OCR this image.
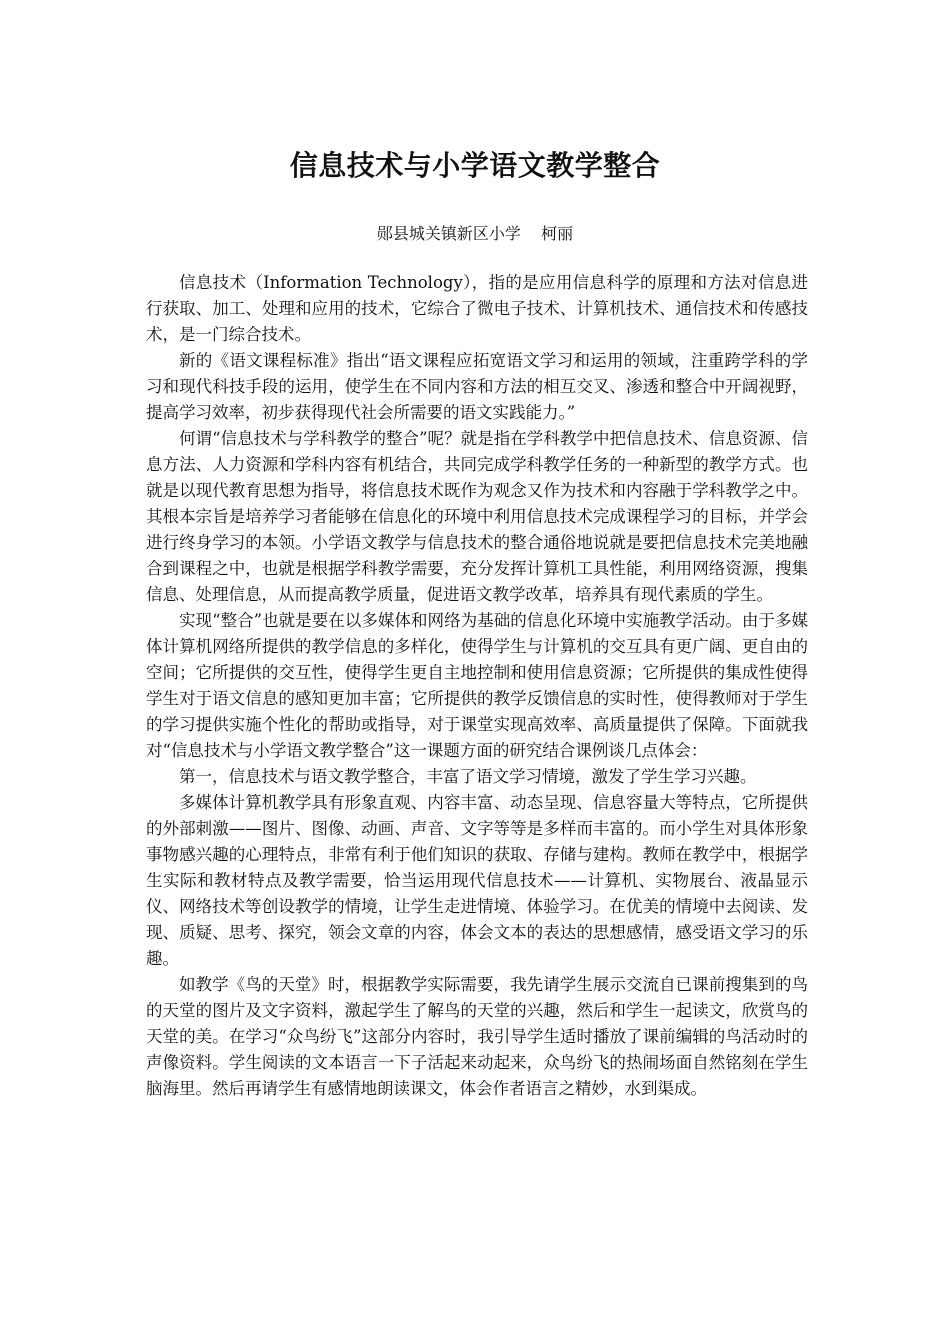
信息技术与小学语文教学整合

郧县城关镇新区小学    柯丽

信息技术（Information Technology），指的是应用信息科学的原理和方法对信息进行获取、加工、处理和应用的技术，它综合了微电子技术、计算机技术、通信技术和传感技术，是一门综合技术。

新的《语文课程标准》指出“语文课程应拓宽语文学习和运用的领域，注重跨学科的学习和现代科技手段的运用，使学生在不同内容和方法的相互交叉、渗透和整合中开阔视野，提高学习效率，初步获得现代社会所需要的语文实践能力。”

何谓“信息技术与学科教学的整合”呢？就是指在学科教学中把信息技术、信息资源、信息方法、人力资源和学科内容有机结合，共同完成学科教学任务的一种新型的教学方式。也就是以现代教育思想为指导，将信息技术既作为观念又作为技术和内容融于学科教学之中。其根本宗旨是培养学习者能够在信息化的环境中利用信息技术完成课程学习的目标，并学会进行终身学习的本领。小学语文教学与信息技术的整合通俗地说就是要把信息技术完美地融合到课程之中，也就是根据学科教学需要，充分发挥计算机工具性能，利用网络资源，搜集信息、处理信息，从而提高教学质量，促进语文教学改革，培养具有现代素质的学生。

实现“整合”也就是要在以多媒体和网络为基础的信息化环境中实施教学活动。由于多媒体计算机网络所提供的教学信息的多样化，使得学生与计算机的交互具有更广阔、更自由的空间；它所提供的交互性，使得学生更自主地控制和使用信息资源；它所提供的集成性使得学生对于语文信息的感知更加丰富；它所提供的教学反馈信息的实时性，使得教师对于学生的学习提供实施个性化的帮助或指导，对于课堂实现高效率、高质量提供了保障。下面就我对“信息技术与小学语文教学整合”这一课题方面的研究结合课例谈几点体会：

第一，信息技术与语文教学整合，丰富了语文学习情境，激发了学生学习兴趣。

多媒体计算机教学具有形象直观、内容丰富、动态呈现、信息容量大等特点，它所提供的外部刺激——图片、图像、动画、声音、文字等等是多样而丰富的。而小学生对具体形象事物感兴趣的心理特点，非常有利于他们知识的获取、存储与建构。教师在教学中，根据学生实际和教材特点及教学需要，恰当运用现代信息技术——计算机、实物展台、液晶显示仪、网络技术等创设教学的情境，让学生走进情境、体验学习。在优美的情境中去阅读、发现、质疑、思考、探究，领会文章的内容，体会文本的表达的思想感情，感受语文学习的乐趣。

如教学《鸟的天堂》时，根据教学实际需要，我先请学生展示交流自已课前搜集到的鸟的天堂的图片及文字资料，激起学生了解鸟的天堂的兴趣，然后和学生一起读文，欣赏鸟的天堂的美。在学习“众鸟纷飞”这部分内容时，我引导学生适时播放了课前编辑的鸟活动时的声像资料。学生阅读的文本语言一下子活起来动起来，众鸟纷飞的热闹场面自然铭刻在学生脑海里。然后再请学生有感情地朗读课文，体会作者语言之精妙，水到渠成。
